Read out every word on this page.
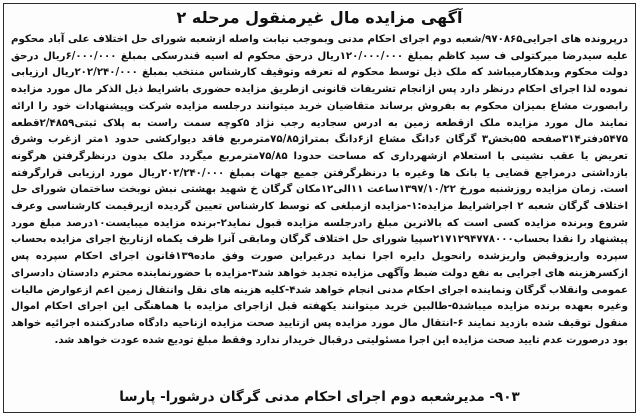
آگهی مزایده مال غیرمنقول مرحله ۲
درپرونده های اجرایی۹۷۰۸۶۵/شعبه دوم اجرای احکام مدنی وبموجب نیابت واصله ازشعبه شورای حل اختلاف علی آباد محکوم علیه سیدرضا میرکتولی ف سید کاظم بمبلغ ۱۲۰/۰۰۰/۰۰۰ریال درحق محکوم له اسیه قندرسکی بمبلغ ۶/۰۰۰/۰۰۰ریال درحق دولت محکوم وبدهکارمیباشد که ملک ذیل توسط محکوم له تعرفه وتوقیف کارشناس منتخب بمبلغ ۲۰۲/۲۴۰/۰۰۰ریال ارزیابی نموده لذا اجرای احکام درنظر دارد پس ازانجام تشریفات قانونی ازطریق مزایده حضوری باشرایط ذیل الذکر مال مورد مزایده رابصورت مشاع بمیزان محکوم به بفروش برساند متقاضیان خرید میتوانند درجلسه مزایده شرکت وپیشنهادات خود را ارائه نمایند مال مورد مزایده ملک ازقطعه زمین به ادرس سجادیه رجب نژاد ۵کوچه سمت راست به پلاک ثبتی۲/۴۸۵۹قطعه ۵۴۷۵دفتر۳۱۴صفحه ۵۵بخش۳ گرگان ۶دانگ مشاع از۶دانگ بمتراژ۷۵/۸۵مترمربع فاقد دیوارکشی حدود ۱متر ازغرب وشرق تعریض یا عقب نشینی با استعلام ازشهرداری که مساحت حدودا ۷۵/۸۵مترمربع میگردد ملک بدون درنظرگرفتن هرگونه بازداشتی درمراجع قضایی یا بانک ها وغیره با درنظرگرفتن جمیع جهات بمبلغ ۲۰۲/۲۴۰/۰۰۰ریال مورد ارزیابی قرارگرفته است. زمان مزایده روزشنبه مورخ ۱۳۹۷/۱۰/۲۲ساعت ۱۱الی۱۲مکان گرگان خ شهید بهشتی نبش نوبخت ساختمان شورای حل اختلاف گرگان شعبه ۲ اجراشرایط مزایده:۱-مزایده ازمبلغی که توسط کارشناس تعیین گردیده ازیرقیمت کارشناسی وعرف شروع وبرنده مزایده کسی است که بالاترین مبلغ رادرجلسه مزایده قبول نماید۲-برنده مزایده میبایست۱۰درصد مبلغ مورد پیشنهاد را نقدا بحساب۲۱۷۱۲۹۴۷۷۸۰۰۰سپیا شورای حل اختلاف گرگان ومابقی آنرا ظرف یکماه ازتاریخ اجرای مزایده بحساب سپرده واریزوقبض واریزشده رانحویل دایره اجرا نماید درغیراین صورت وفق ماده۱۳۹قانون اجرای احکام سپرده پس ازکسرهزینه های اجرایی به نفع دولت ضبط وآگهی مزایده تجدید خواهد شد۳-مزایده با حضورنماینده محترم دادستان دادسرای عمومی وانقلاب گرگان ونماینده اجرای احکام مدنی انجام خواهد شد۴-کلیه هزینه های نقل وانتقال زمین اعم ازعوارض مالیات وغیره بعهده برنده مزایده میباشد۵-طالبین خرید میتوانند یکهفته قبل ازاجرای مزایده با هماهنگی این اجرای احکام اموال منقول توقیف شده بازدید نمایند ۶-انتقال مال مورد مزایده پس ازتایید صحت مزایده ازناحیه دادگاه صادرکننده اجرائیه خواهد بود درصورت عدم تایید صحت مزایده این اجرا مسئولیتی درقبال خریدار ندارد وفقط مبلغ تودیع شده عودت خواهد شد.
۹۰۳- مدیرشعبه دوم اجرای احکام مدنی گرگان درشورا- پارسا
